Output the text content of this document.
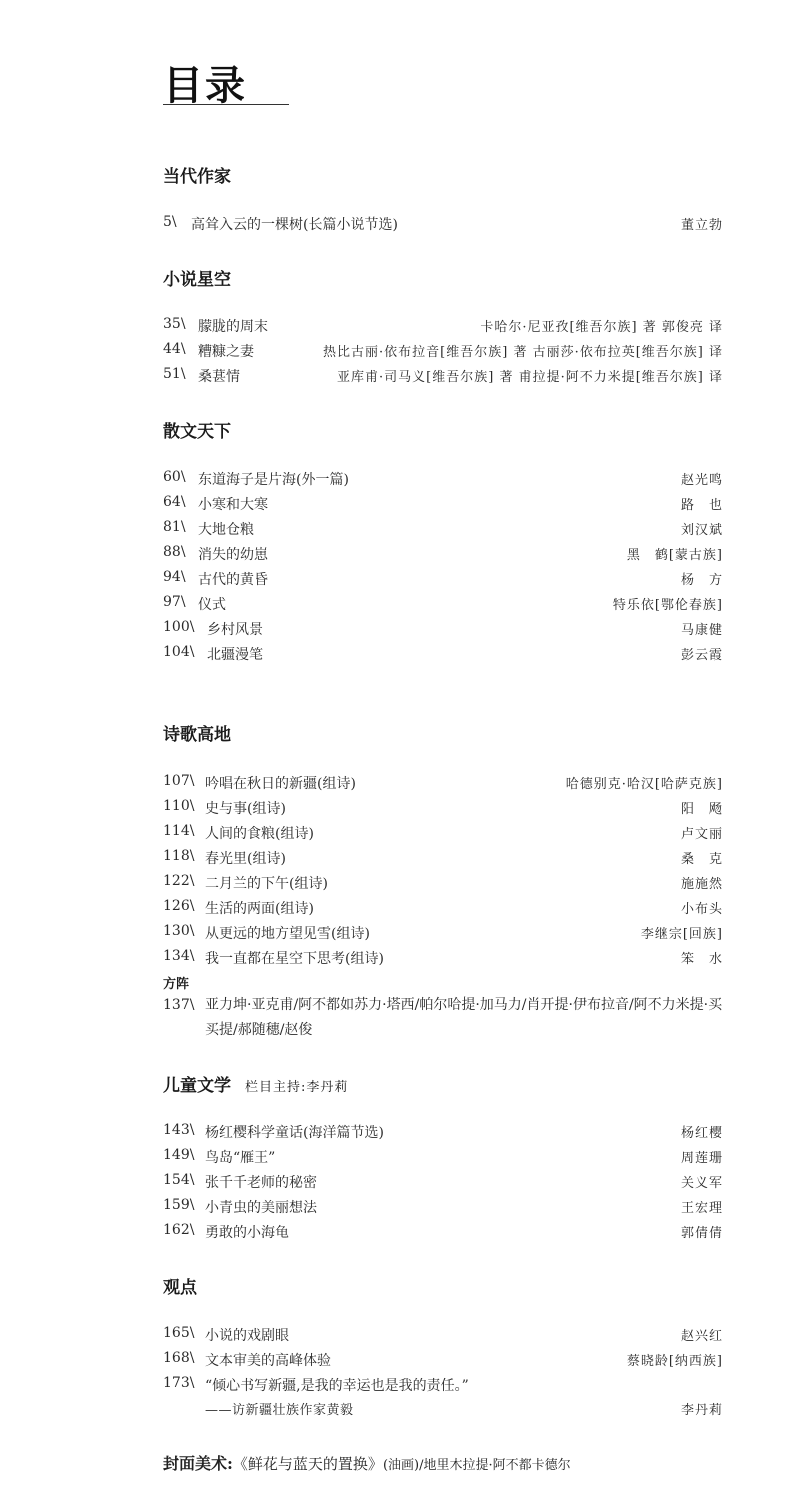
目录
当代作家
5\ 高耸入云的一棵树(长篇小说节选)	董立勃
小说星空
35\ 朦胧的周末	卡哈尔·尼亚孜[维吾尔族] 著 郭俊亮 译
44\ 糟糠之妻	热比古丽·依布拉音[维吾尔族] 著 古丽莎·依布拉英[维吾尔族] 译
51\ 桑葚情	亚库甫·司马义[维吾尔族] 著 甫拉提·阿不力米提[维吾尔族] 译
散文天下
60\ 东道海子是片海(外一篇)	赵光鸣
64\ 小寒和大寒	路　也
81\ 大地仓粮	刘汉斌
88\ 消失的幼崽	黑　鹤[蒙古族]
94\ 古代的黄昏	杨　方
97\ 仪式	特乐依[鄂伦春族]
100\ 乡村风景	马康健
104\ 北疆漫笔	彭云霞
诗歌高地
107\ 吟唱在秋日的新疆(组诗)	哈德别克·哈汉[哈萨克族]
110\ 史与事(组诗)	阳　飏
114\ 人间的食粮(组诗)	卢文丽
118\ 春光里(组诗)	桑　克
122\ 二月兰的下午(组诗)	施施然
126\ 生活的两面(组诗)	小布头
130\ 从更远的地方望见雪(组诗)	李继宗[回族]
134\ 我一直都在星空下思考(组诗)	笨　水
方阵
137\ 亚力坤·亚克甫/阿不都如苏力·塔西/帕尔哈提·加马力/肖开提·伊布拉音/阿不力米提·买买提/郝随穗/赵俊
儿童文学 栏目主持:李丹莉
143\ 杨红樱科学童话(海洋篇节选)	杨红樱
149\ 鸟岛“雁王”	周莲珊
154\ 张千千老师的秘密	关义军
159\ 小青虫的美丽想法	王宏理
162\ 勇敢的小海龟	郭倩倩
观点
165\ 小说的戏剧眼	赵兴红
168\ 文本审美的高峰体验	蔡晓龄[纳西族]
173\ “倾心书写新疆,是我的幸运也是我的责任。”
——访新疆壮族作家黄毅	李丹莉
封面美术:《鲜花与蓝天的置换》(油画)/地里木拉提·阿不都卡德尔
